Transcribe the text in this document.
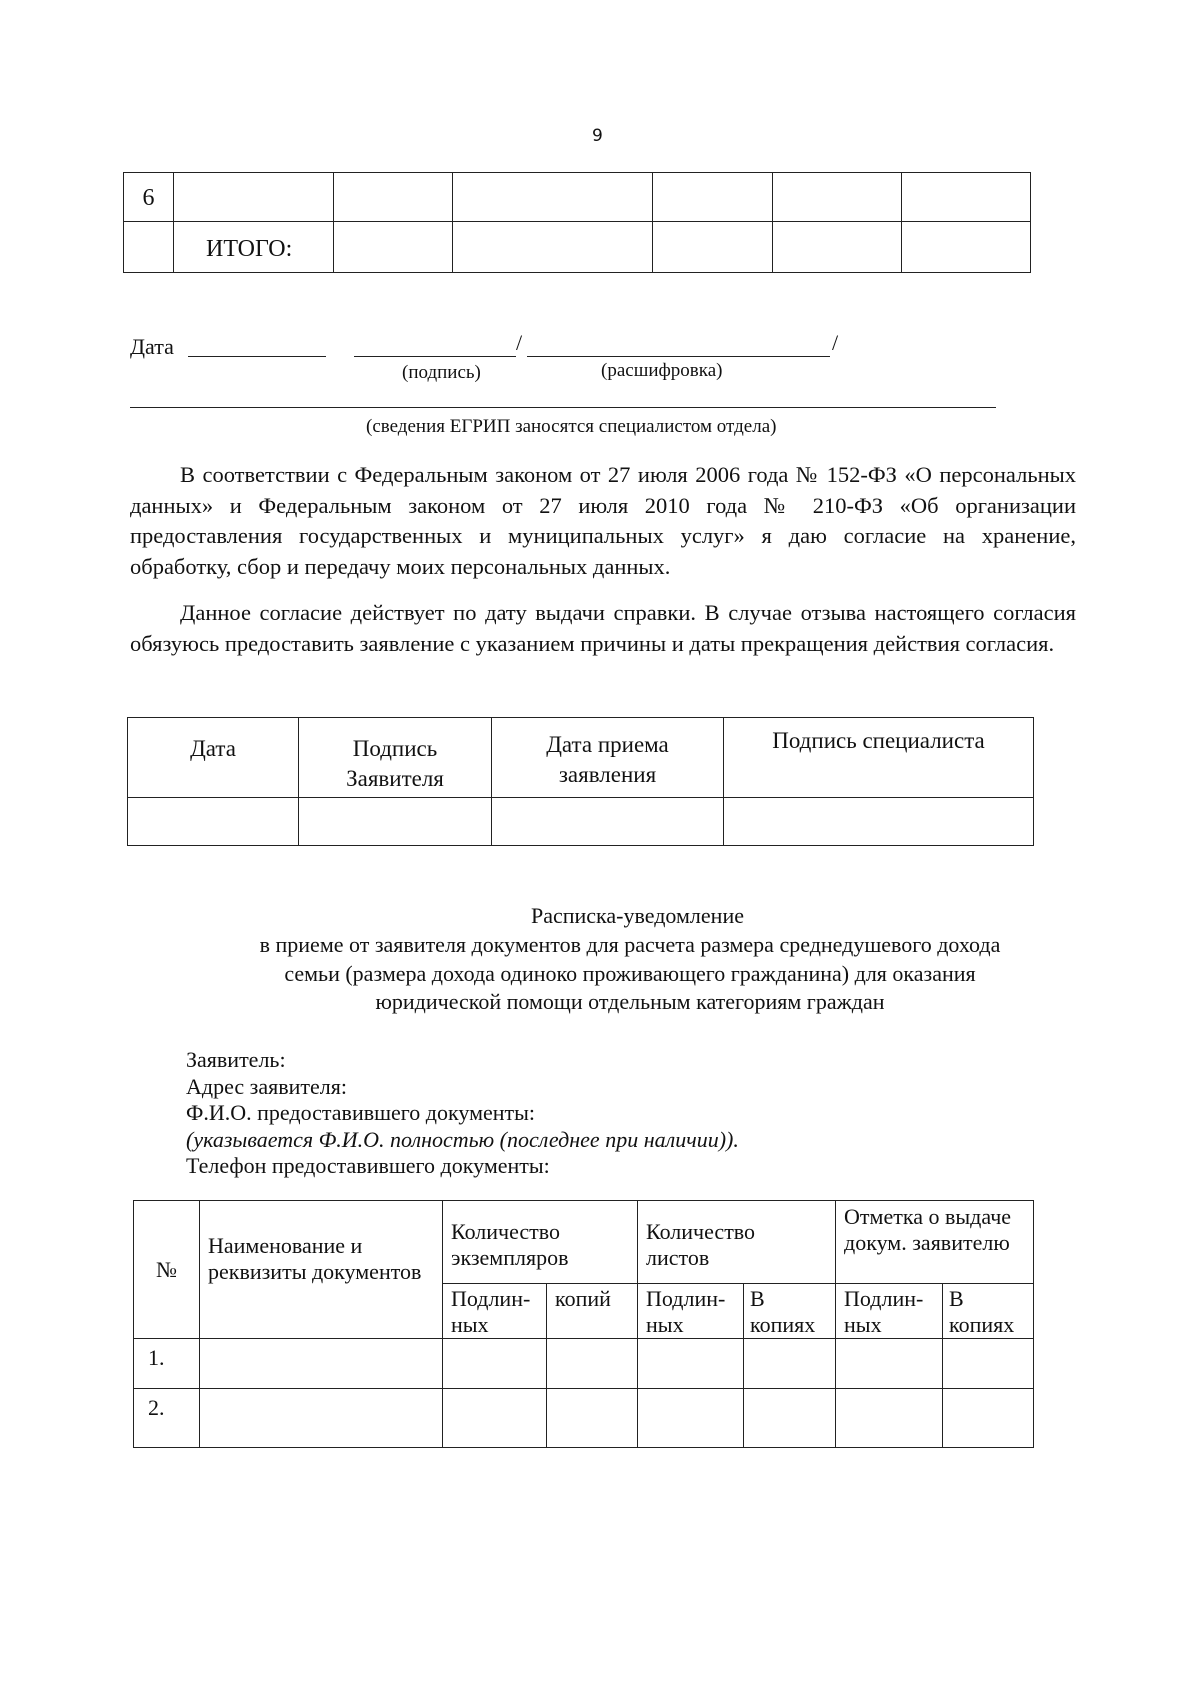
9
6						
	ИТОГО:					
Дата	/	/
(подпись)	(расшифровка)
(сведения ЕГРИП заносятся специалистом отдела)
В соответствии с Федеральным законом от 27 июля 2006 года № 152-ФЗ «О персональных данных» и Федеральным законом от 27 июля 2010 года № 210-ФЗ «Об организации предоставления государственных и муниципальных услуг» я даю согласие на хранение, обработку, сбор и передачу моих персональных данных.
Данное согласие действует по дату выдачи справки. В случае отзыва настоящего согласия обязуюсь предоставить заявление с указанием причины и даты прекращения действия согласия.
Дата	Подпись Заявителя	Дата приема заявления	Подпись специалиста

Расписка-уведомление
в приеме от заявителя документов для расчета размера среднедушевого дохода
семьи (размера дохода одиноко проживающего гражданина) для оказания
юридической помощи отдельным категориям граждан
Заявитель:
Адрес заявителя:
Ф.И.О. предоставившего документы:
(указывается Ф.И.О. полностью (последнее при наличии)).
Телефон предоставившего документы:
№	Наименование и реквизиты документов	Количество экземпляров		Количество листов		Отметка о выдаче докум. заявителю	
		Подлин-ных	копий	Подлин-ных	В копиях	Подлин-ных	В копиях
1.							
2.							
